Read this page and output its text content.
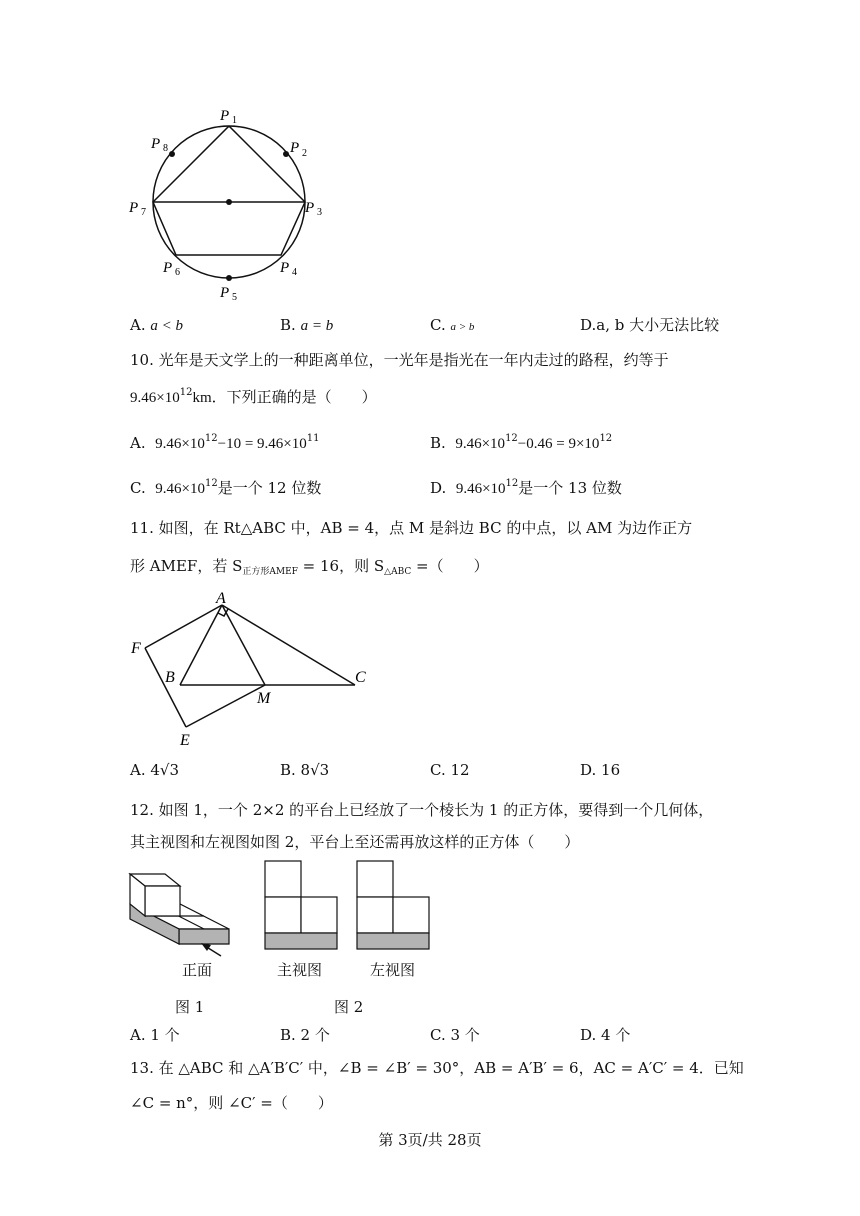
P 1
P 2
P 3
P 4
P 5
P 6
P 7
P 8
A. a < b	B. a = b	C. a > b	D.a, b 大小无法比较
10. 光年是天文学上的一种距离单位，一光年是指光在一年内走过的路程，约等于
$9.46\times 10^{12}km$．下列正确的是（　　）
A. $9.46\times 10^{12}-10 = 9.46\times 10^{11}$	B. $9.46\times 10^{12}-0.46 = 9\times 10^{12}$
C. $9.46\times 10^{12}$是一个 12 位数	D. $9.46\times 10^{12}$是一个 13 位数
11. 如图，在 Rt△ABC 中，AB = 4，点 M 是斜边 BC 的中点，以 AM 为边作正方
形 AMEF，若 $S_{正方形AMEF} = 16$，则 $S_{\triangle ABC}$ =（　　）
A
F
B
M
C
E
A. 4√3	B. 8√3	C. 12	D. 16
12. 如图 1，一个 2×2 的平台上已经放了一个棱长为 1 的正方体，要得到一个几何体，
其主视图和左视图如图 2，平台上至还需再放这样的正方体（　　）
正面
图 1
主视图	左视图
图 2
A. 1 个	B. 2 个	C. 3 个	D. 4 个
13. 在 △ABC 和 △A′B′C′ 中，∠B = ∠B′ = 30°，AB = A′B′ = 6，AC = A′C′ = 4．已知
∠C = n°，则 ∠C′ =（　　）
第 3页/共 28页
